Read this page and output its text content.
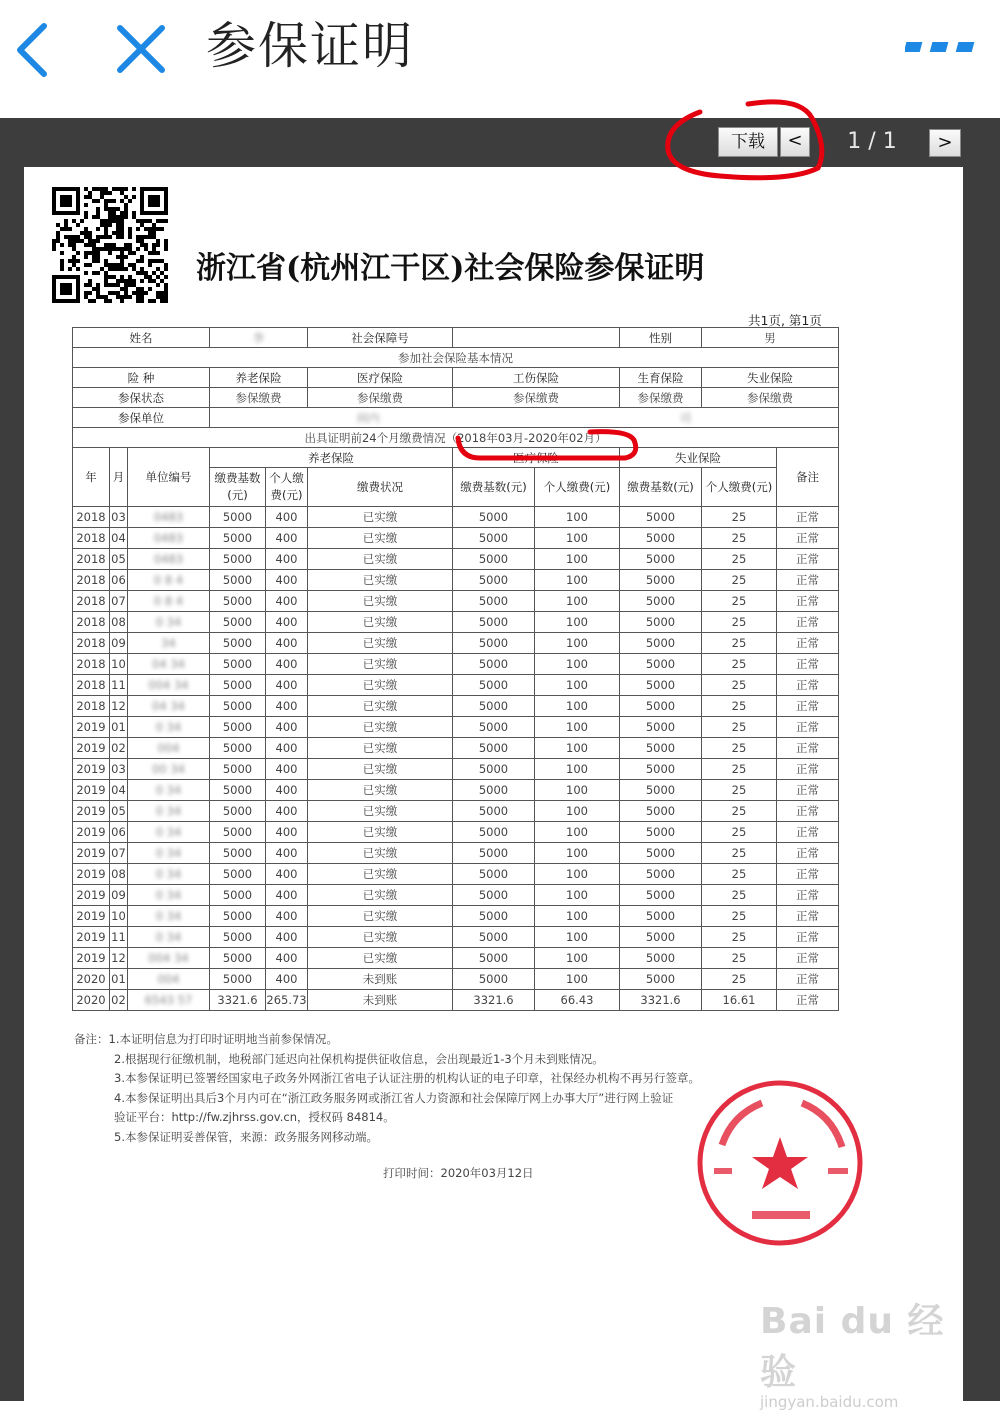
参保证明
下载	<	1 / 1	>
浙江省(杭州江干区)社会保险参保证明
共1页, 第1页
姓名			李		社会保障号			性别	男	
参加社会保险基本情况										
险 种			养老保险		医疗保险	工伤保险		生育保险	失业保险	
参保状态			参保缴费		参保缴费	参保缴费		参保缴费	参保缴费	
参保单位			间内 司							
出具证明前24个月缴费情况（2018年03月-2020年02月）										
年	月	单位编号	养老保险			医疗保险		失业保险		备注
			缴费基数(元)	个人缴费(元)	缴费状况	缴费基数(元)	个人缴费(元)	缴费基数(元)	个人缴费(元)	
2018	03	0483	5000	400	已实缴	5000	100	5000	25	正常
2018	04	0483	5000	400	已实缴	5000	100	5000	25	正常
2018	05	0483	5000	400	已实缴	5000	100	5000	25	正常
2018	06	0 8 4	5000	400	已实缴	5000	100	5000	25	正常
2018	07	0 8 4	5000	400	已实缴	5000	100	5000	25	正常
2018	08	0 34	5000	400	已实缴	5000	100	5000	25	正常
2018	09	34	5000	400	已实缴	5000	100	5000	25	正常
2018	10	04 34	5000	400	已实缴	5000	100	5000	25	正常
2018	11	004 34	5000	400	已实缴	5000	100	5000	25	正常
2018	12	04 34	5000	400	已实缴	5000	100	5000	25	正常
2019	01	0 34	5000	400	已实缴	5000	100	5000	25	正常
2019	02	004	5000	400	已实缴	5000	100	5000	25	正常
2019	03	00 34	5000	400	已实缴	5000	100	5000	25	正常
2019	04	0 34	5000	400	已实缴	5000	100	5000	25	正常
2019	05	0 34	5000	400	已实缴	5000	100	5000	25	正常
2019	06	0 34	5000	400	已实缴	5000	100	5000	25	正常
2019	07	0 34	5000	400	已实缴	5000	100	5000	25	正常
2019	08	0 34	5000	400	已实缴	5000	100	5000	25	正常
2019	09	0 34	5000	400	已实缴	5000	100	5000	25	正常
2019	10	0 34	5000	400	已实缴	5000	100	5000	25	正常
2019	11	0 34	5000	400	已实缴	5000	100	5000	25	正常
2019	12	004 34	5000	400	已实缴	5000	100	5000	25	正常
2020	01	004	5000	400	未到账	5000	100	5000	25	正常
2020	02	6543 57	3321.6	265.73	未到账	3321.6	66.43	3321.6	16.61	正常
备注：1.本证明信息为打印时证明地当前参保情况。
2.根据现行征缴机制，地税部门延迟向社保机构提供征收信息，会出现最近1-3个月未到账情况。
3.本参保证明已签署经国家电子政务外网浙江省电子认证注册的机构认证的电子印章，社保经办机构不再另行签章。
4.本参保证明出具后3个月内可在“浙江政务服务网或浙江省人力资源和社会保障厅网上办事大厅”进行网上验证
验证平台：http://fw.zjhrss.gov.cn，授权码 84814。
5.本参保证明妥善保管，来源：政务服务网移动端。
打印时间：2020年03月12日
Bai du 经验
jingyan.baidu.com
